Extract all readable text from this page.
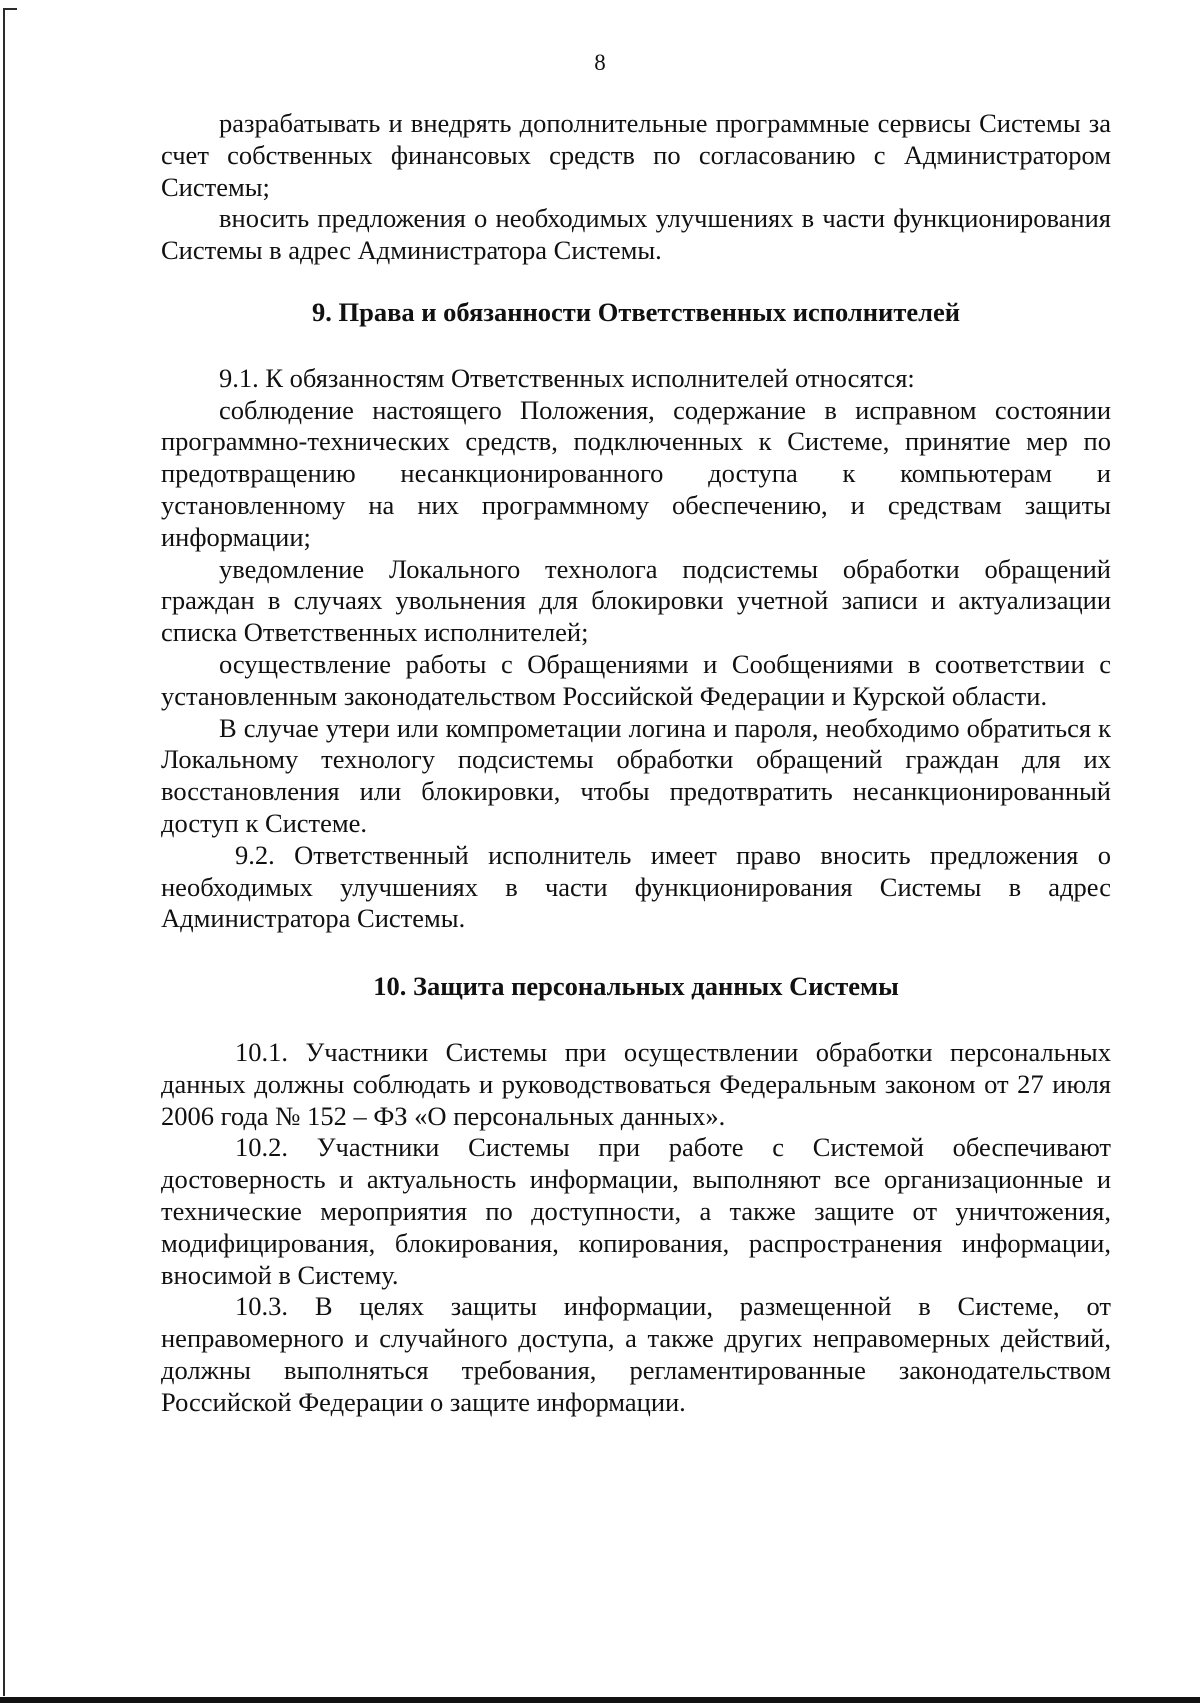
8

разрабатывать и внедрять дополнительные программные сервисы Системы за счет собственных финансовых средств по согласованию с Администратором Системы;

вносить предложения о необходимых улучшениях в части функционирования Системы в адрес Администратора Системы.

9. Права и обязанности Ответственных исполнителей

9.1. К обязанностям Ответственных исполнителей относятся:

соблюдение настоящего Положения, содержание в исправном состоянии программно-технических средств, подключенных к Системе, принятие мер по предотвращению несанкционированного доступа к компьютерам и установленному на них программному обеспечению, и средствам защиты информации;

уведомление Локального технолога подсистемы обработки обращений граждан в случаях увольнения для блокировки учетной записи и актуализации списка Ответственных исполнителей;

осуществление работы с Обращениями и Сообщениями в соответствии с установленным законодательством Российской Федерации и Курской области.

В случае утери или компрометации логина и пароля, необходимо обратиться к Локальному технологу подсистемы обработки обращений граждан для их восстановления или блокировки, чтобы предотвратить несанкционированный доступ к Системе.

9.2. Ответственный исполнитель имеет право вносить предложения о необходимых улучшениях в части функционирования Системы в адрес Администратора Системы.

10. Защита персональных данных Системы

10.1. Участники Системы при осуществлении обработки персональных данных должны соблюдать и руководствоваться Федеральным законом от 27 июля 2006 года № 152 – ФЗ «О персональных данных».

10.2. Участники Системы при работе с Системой обеспечивают достоверность и актуальность информации, выполняют все организационные и технические мероприятия по доступности, а также защите от уничтожения, модифицирования, блокирования, копирования, распространения информации, вносимой в Систему.

10.3. В целях защиты информации, размещенной в Системе, от неправомерного и случайного доступа, а также других неправомерных действий, должны выполняться требования, регламентированные законодательством Российской Федерации о защите информации.
